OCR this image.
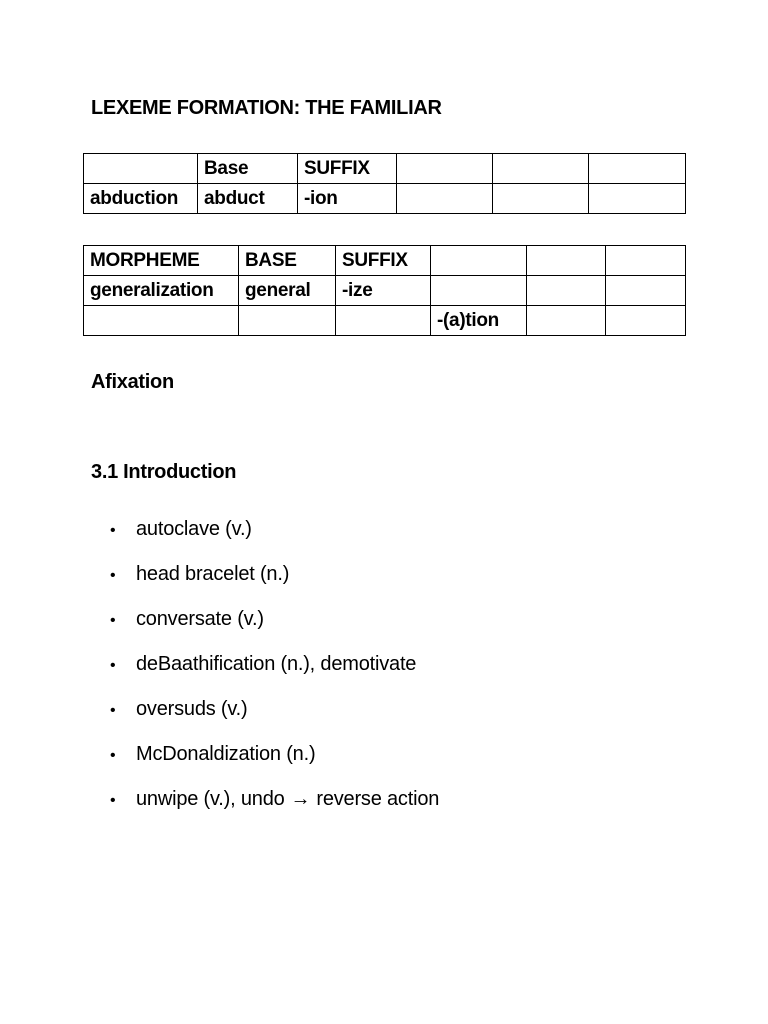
LEXEME FORMATION: THE FAMILIAR
	Base	SUFFIX			
abduction	abduct	-ion			
MORPHEME	BASE	SUFFIX			
generalization	general	-ize			
			-(a)tion		
Afixation
3.1 Introduction
•	autoclave (v.)
•	head bracelet (n.)
•	conversate (v.)
•	deBaathification (n.), demotivate
•	oversuds (v.)
•	McDonaldization (n.)
•	unwipe (v.), undo → reverse action
